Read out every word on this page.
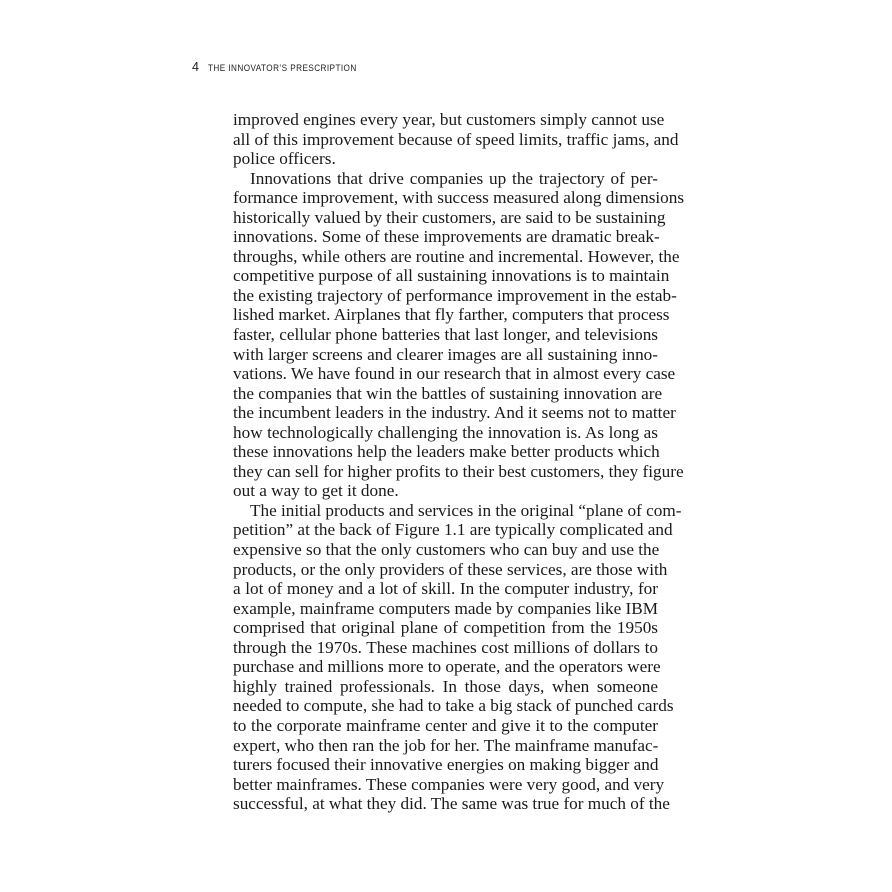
4 THE INNOVATOR’S PRESCRIPTION
improved engines every year, but customers simply cannot use
all of this improvement because of speed limits, traffic jams, and
police officers.
Innovations that drive companies up the trajectory of per-
formance improvement, with success measured along dimensions
historically valued by their customers, are said to be sustaining
innovations. Some of these improvements are dramatic break-
throughs, while others are routine and incremental. However, the
competitive purpose of all sustaining innovations is to maintain
the existing trajectory of performance improvement in the estab-
lished market. Airplanes that fly farther, computers that process
faster, cellular phone batteries that last longer, and televisions
with larger screens and clearer images are all sustaining inno-
vations. We have found in our research that in almost every case
the companies that win the battles of sustaining innovation are
the incumbent leaders in the industry. And it seems not to matter
how technologically challenging the innovation is. As long as
these innovations help the leaders make better products which
they can sell for higher profits to their best customers, they figure
out a way to get it done.
The initial products and services in the original “plane of com-
petition” at the back of Figure 1.1 are typically complicated and
expensive so that the only customers who can buy and use the
products, or the only providers of these services, are those with
a lot of money and a lot of skill. In the computer industry, for
example, mainframe computers made by companies like IBM
comprised that original plane of competition from the 1950s
through the 1970s. These machines cost millions of dollars to
purchase and millions more to operate, and the operators were
highly trained professionals. In those days, when someone
needed to compute, she had to take a big stack of punched cards
to the corporate mainframe center and give it to the computer
expert, who then ran the job for her. The mainframe manufac-
turers focused their innovative energies on making bigger and
better mainframes. These companies were very good, and very
successful, at what they did. The same was true for much of the
